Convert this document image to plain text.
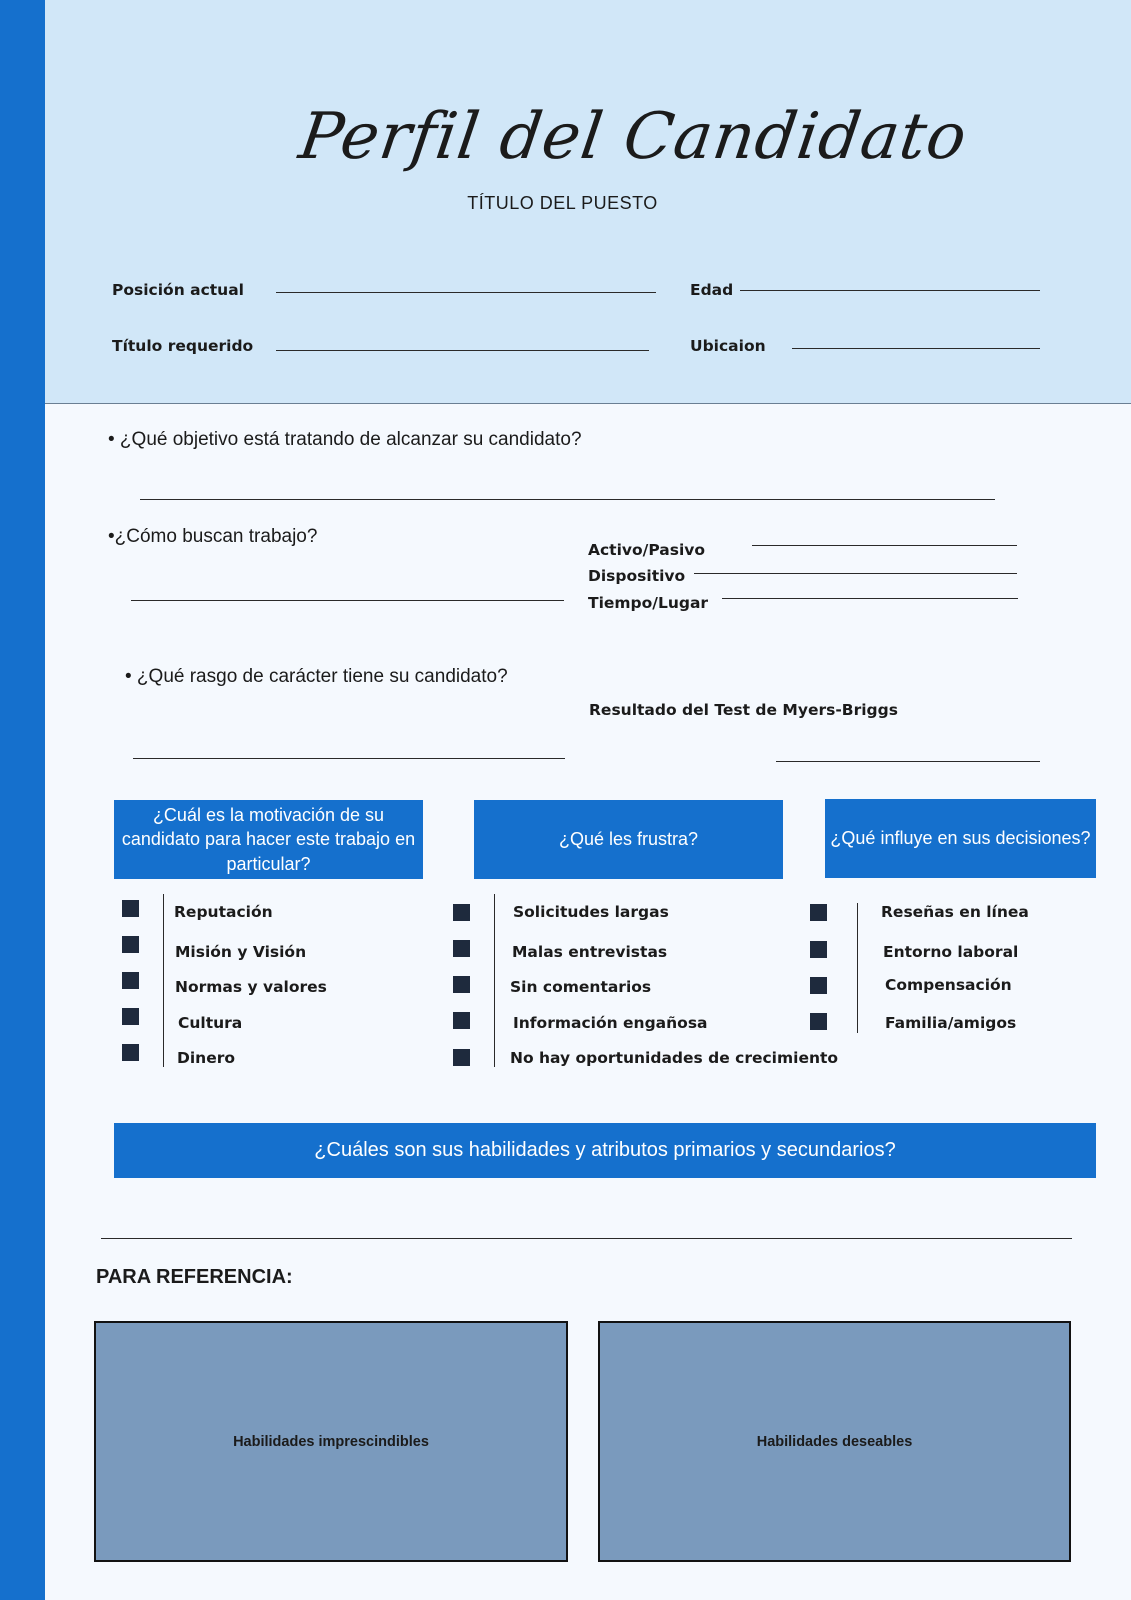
Perfil del Candidato
TÍTULO DEL PUESTO
Posición actual	Edad
Título requerido	Ubicaion
• ¿Qué objetivo está tratando de alcanzar su candidato?
•¿Cómo buscan trabajo?
Activo/Pasivo
Dispositivo
Tiempo/Lugar
• ¿Qué rasgo de carácter tiene su candidato?
Resultado del Test de Myers-Briggs
¿Cuál es la motivación de su candidato para hacer este trabajo en particular?
¿Qué les frustra?	¿Qué influye en sus decisiones?
Reputación
Misión y Visión
Normas y valores
Cultura
Dinero
Solicitudes largas
Malas entrevistas
Sin comentarios
Información engañosa
No hay oportunidades de crecimiento
Reseñas en línea
Entorno laboral
Compensación
Familia/amigos
¿Cuáles son sus habilidades y atributos primarios y secundarios?
PARA REFERENCIA:
Habilidades imprescindibles	Habilidades deseables
